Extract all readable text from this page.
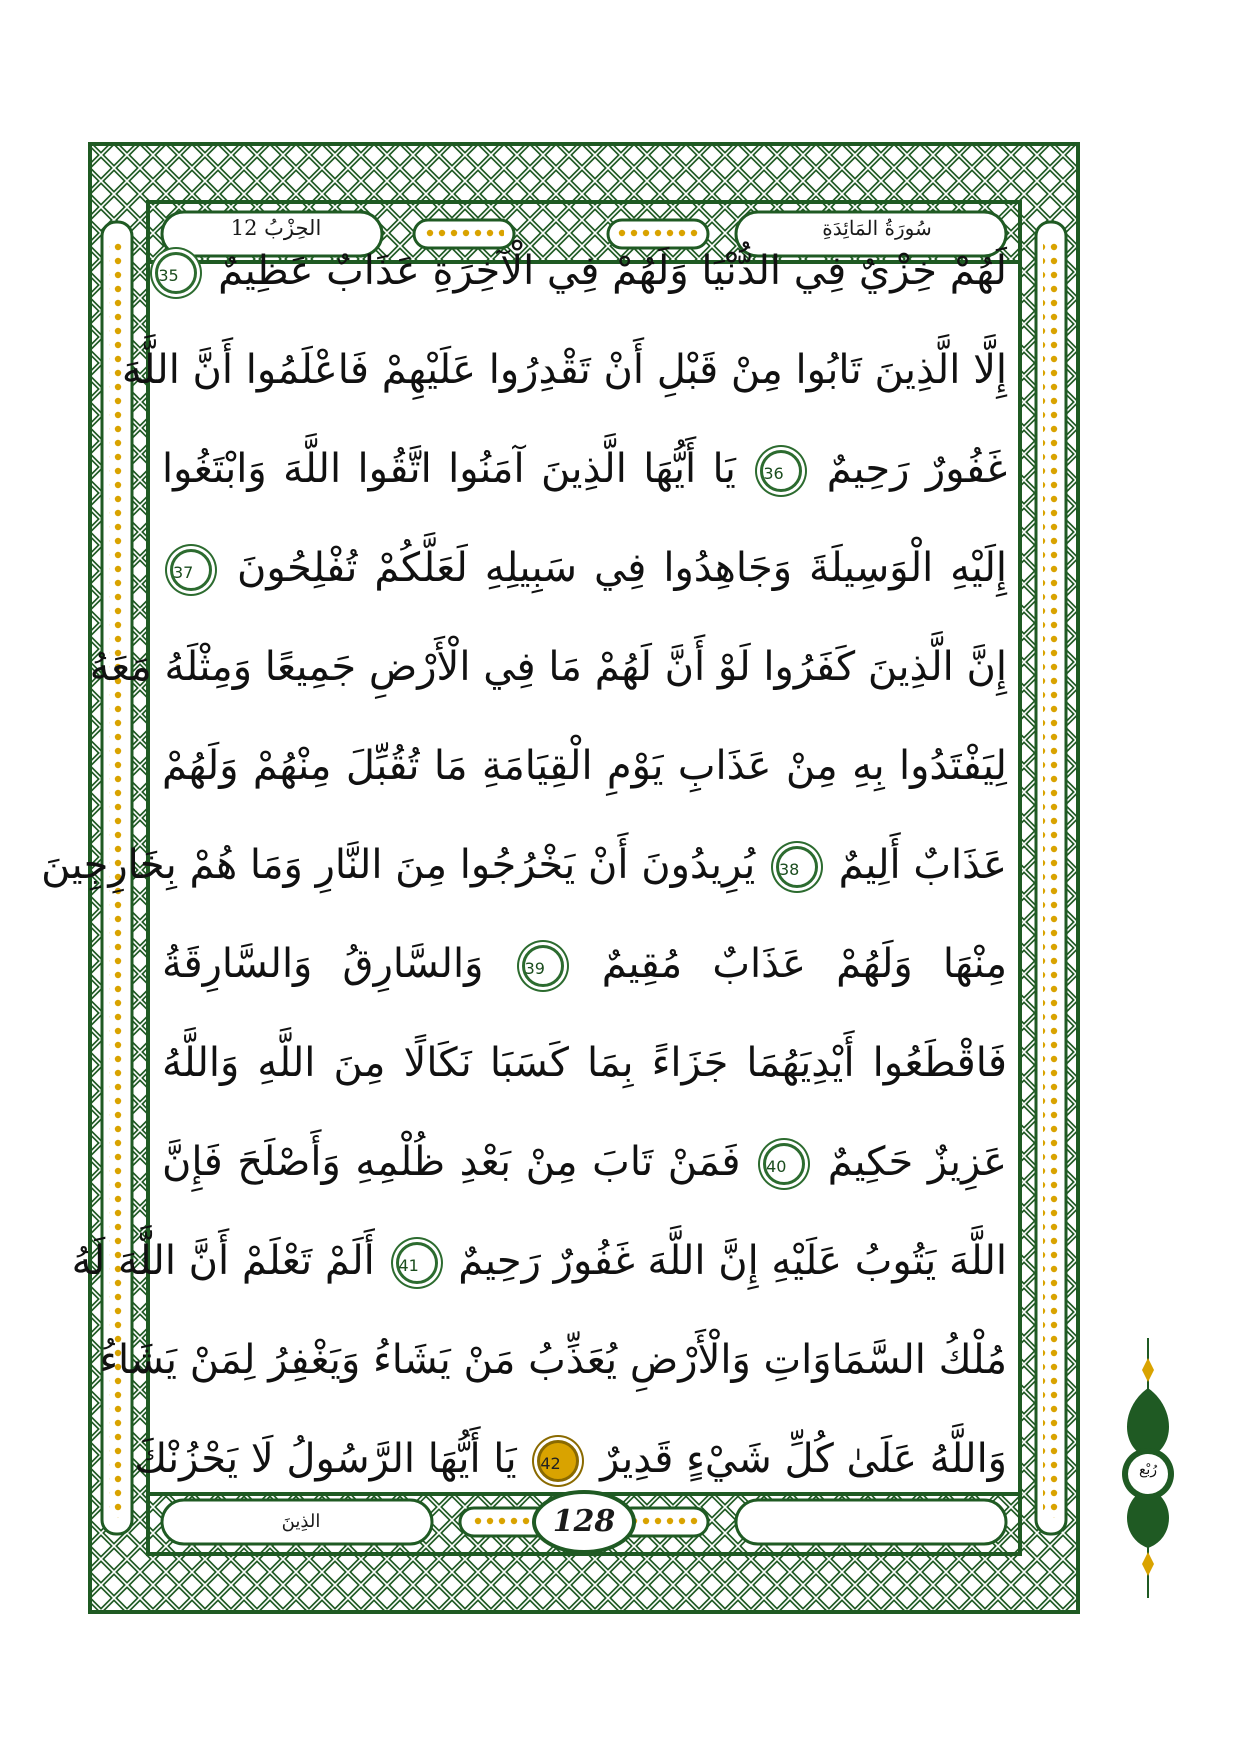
لَهُمْ خِزْيٌ فِي الدُّنْيَا وَلَهُمْ فِي الْآخِرَةِ عَذَابٌ عَظِيمٌ 35
إِلَّا الَّذِينَ تَابُوا مِنْ قَبْلِ أَنْ تَقْدِرُوا عَلَيْهِمْ فَاعْلَمُوا أَنَّ اللَّهَ
غَفُورٌ رَحِيمٌ 36 يَا أَيُّهَا الَّذِينَ آمَنُوا اتَّقُوا اللَّهَ وَابْتَغُوا
إِلَيْهِ الْوَسِيلَةَ وَجَاهِدُوا فِي سَبِيلِهِ لَعَلَّكُمْ تُفْلِحُونَ 37
إِنَّ الَّذِينَ كَفَرُوا لَوْ أَنَّ لَهُمْ مَا فِي الْأَرْضِ جَمِيعًا وَمِثْلَهُ مَعَهُ
لِيَفْتَدُوا بِهِ مِنْ عَذَابِ يَوْمِ الْقِيَامَةِ مَا تُقُبِّلَ مِنْهُمْ وَلَهُمْ
عَذَابٌ أَلِيمٌ 38 يُرِيدُونَ أَنْ يَخْرُجُوا مِنَ النَّارِ وَمَا هُمْ بِخَارِجِينَ
مِنْهَا وَلَهُمْ عَذَابٌ مُقِيمٌ 39 وَالسَّارِقُ وَالسَّارِقَةُ
فَاقْطَعُوا أَيْدِيَهُمَا جَزَاءً بِمَا كَسَبَا نَكَالًا مِنَ اللَّهِ وَاللَّهُ
عَزِيزٌ حَكِيمٌ 40 فَمَنْ تَابَ مِنْ بَعْدِ ظُلْمِهِ وَأَصْلَحَ فَإِنَّ
اللَّهَ يَتُوبُ عَلَيْهِ إِنَّ اللَّهَ غَفُورٌ رَحِيمٌ 41 أَلَمْ تَعْلَمْ أَنَّ اللَّهَ لَهُ
مُلْكُ السَّمَاوَاتِ وَالْأَرْضِ يُعَذِّبُ مَنْ يَشَاءُ وَيَغْفِرُ لِمَنْ يَشَاءُ
وَاللَّهُ عَلَىٰ كُلِّ شَيْءٍ قَدِيرٌ 42 يَا أَيُّهَا الرَّسُولُ لَا يَحْزُنْكَ	رُبْع
